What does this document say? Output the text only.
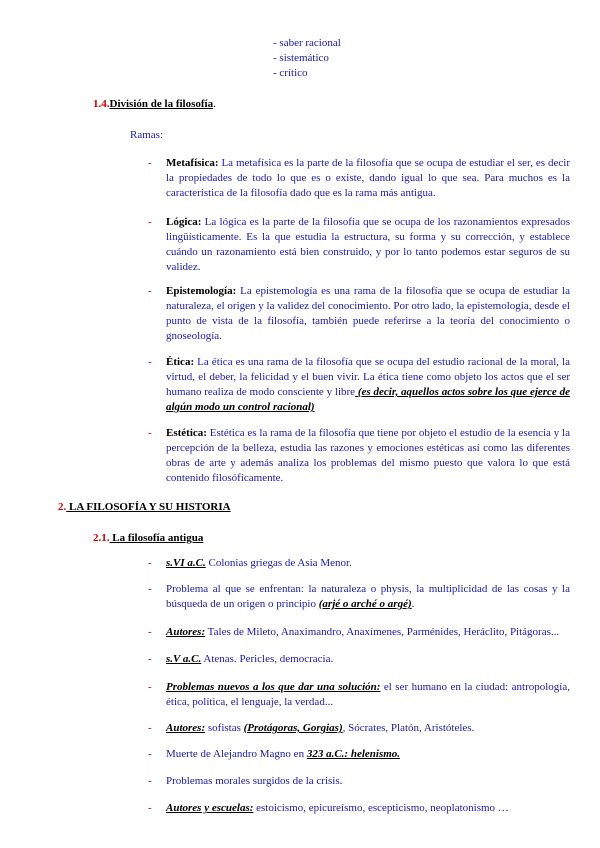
- saber racional
- sistemático
- crítico
1.4.División de la filosofía.
Ramas:
- Metafísica: La metafísica es la parte de la filosofía que se ocupa de estudiar el ser, es decir la propiedades de todo lo que es o existe, dando igual lo que sea. Para muchos es la característica de la filosofía dado que es la rama más antigua.
- Lógica: La lógica es la parte de la filosofía que se ocupa de los razonamientos expresados lingüísticamente. Es la que estudia la estructura, su forma y su corrección, y establece cuándo un razonamiento está bien construido, y por lo tanto podemos estar seguros de su validez.
- Epistemología: La epistemología es una rama de la filosofía que se ocupa de estudiar la naturaleza, el origen y la validez del conocimiento. Por otro lado, la epistemología, desde el punto de vista de la filosofía, también puede referirse a la teoría del conocimiento o gnoseología.
- Ética: La ética es una rama de la filosofía que se ocupa del estudio racional de la moral, la virtud, el deber, la felicidad y el buen vivir. La ética tiene como objeto los actos que el ser humano realiza de modo consciente y libre (es decir, aquellos actos sobre los que ejerce de algún modo un control racional)
- Estética: Estética es la rama de la filosofía que tiene por objeto el estudio de la esencia y la percepción de la belleza, estudia las razones y emociones estéticas así como las diferentes obras de arte y además analiza los problemas del mismo puesto que valora lo que está contenido filosóficamente.
2. LA FILOSOFÍA Y SU HISTORIA
2.1. La filosofía antigua
- s.VI a.C. Colonias griegas de Asia Menor.
- Problema al que se enfrentan: la naturaleza o physis, la multiplicidad de las cosas y la búsqueda de un origen o principio (arjé o arché o argé).
- Autores: Tales de Mileto, Anaximandro, Anaxímenes, Parménides, Heráclito, Pitágoras...
- s.V a.C. Atenas. Pericles, democracia.
- Problemas nuevos a los que dar una solución: el ser humano en la ciudad: antropología, ética, política, el lenguaje, la verdad...
- Autores: sofistas (Protágoras, Gorgias), Sócrates, Platón, Aristóteles.
- Muerte de Alejandro Magno en 323 a.C.: helenismo.
- Problemas morales surgidos de la crisis.
- Autores y escuelas: estoicismo, epicureísmo, escepticismo, neoplatonismo …
